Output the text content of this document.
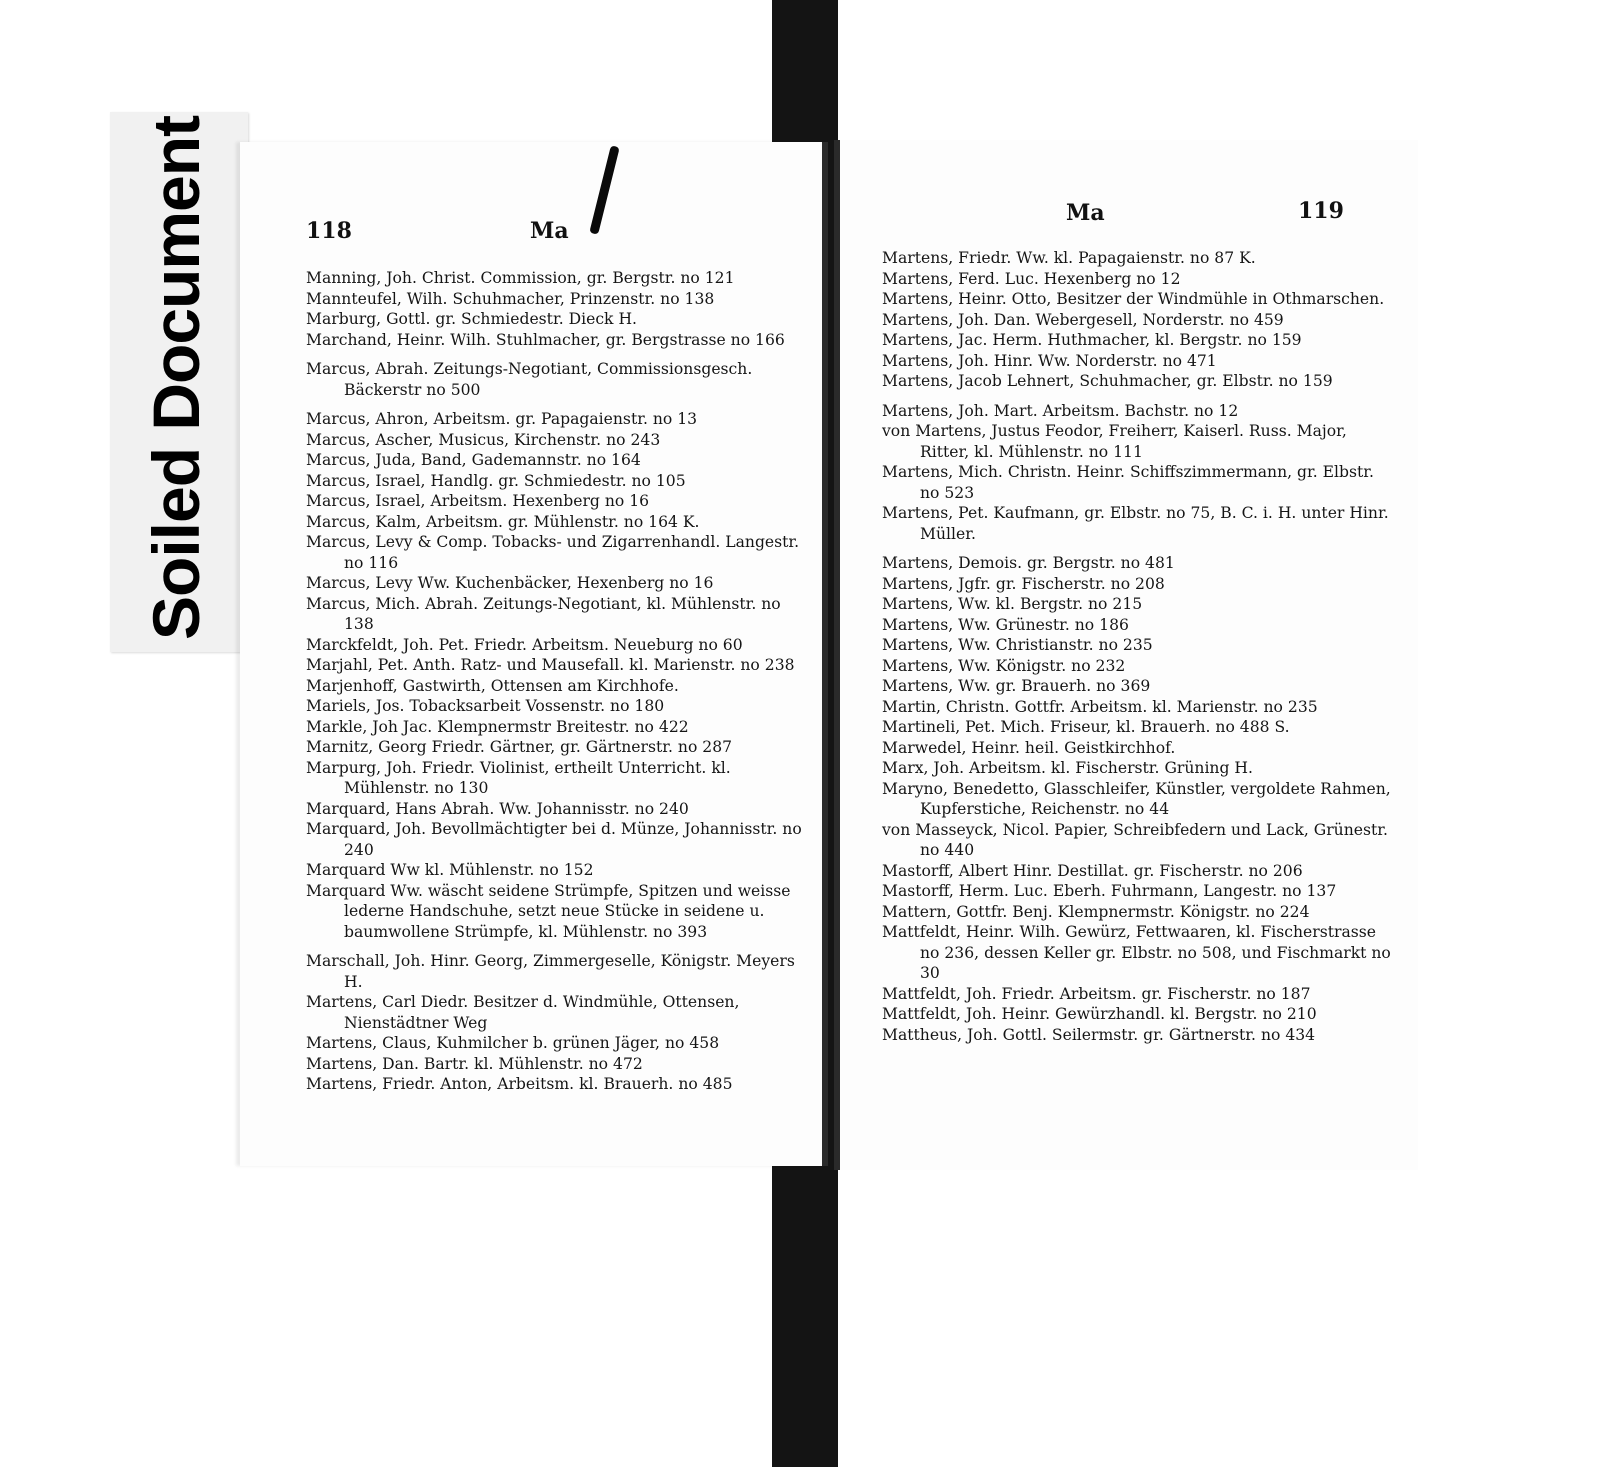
Soiled Document	118	Ma
Manning, Joh. Christ. Commission, gr. Bergstr. no 121
Mannteufel, Wilh. Schuhmacher, Prinzenstr. no 138
Marburg, Gottl. gr. Schmiedestr. Dieck H.
Marchand, Heinr. Wilh. Stuhlmacher, gr. Bergstrasse no 166
Marcus, Abrah. Zeitungs-Negotiant, Commissionsgesch. Bäckerstr no 500
Marcus, Ahron, Arbeitsm. gr. Papagaienstr. no 13
Marcus, Ascher, Musicus, Kirchenstr. no 243
Marcus, Juda, Band, Gademannstr. no 164
Marcus, Israel, Handlg. gr. Schmiedestr. no 105
Marcus, Israel, Arbeitsm. Hexenberg no 16
Marcus, Kalm, Arbeitsm. gr. Mühlenstr. no 164 K.
Marcus, Levy & Comp. Tobacks- und Zigarrenhandl. Langestr. no 116
Marcus, Levy Ww. Kuchenbäcker, Hexenberg no 16
Marcus, Mich. Abrah. Zeitungs-Negotiant, kl. Mühlenstr. no 138
Marckfeldt, Joh. Pet. Friedr. Arbeitsm. Neueburg no 60
Marjahl, Pet. Anth. Ratz- und Mausefall. kl. Marienstr. no 238
Marjenhoff, Gastwirth, Ottensen am Kirchhofe.
Mariels, Jos. Tobacksarbeit Vossenstr. no 180
Markle, Joh Jac. Klempnermstr Breitestr. no 422
Marnitz, Georg Friedr. Gärtner, gr. Gärtnerstr. no 287
Marpurg, Joh. Friedr. Violinist, ertheilt Unterricht. kl. Mühlenstr. no 130
Marquard, Hans Abrah. Ww. Johannisstr. no 240
Marquard, Joh. Bevollmächtigter bei d. Münze, Johannisstr. no 240
Marquard Ww kl. Mühlenstr. no 152
Marquard Ww. wäscht seidene Strümpfe, Spitzen und weisse lederne Handschuhe, setzt neue Stücke in seidene u. baumwollene Strümpfe, kl. Mühlenstr. no 393
Marschall, Joh. Hinr. Georg, Zimmergeselle, Königstr. Meyers H.
Martens, Carl Diedr. Besitzer d. Windmühle, Ottensen, Nienstädtner Weg
Martens, Claus, Kuhmilcher b. grünen Jäger, no 458
Martens, Dan. Bartr. kl. Mühlenstr. no 472
Martens, Friedr. Anton, Arbeitsm. kl. Brauerh. no 485
Ma	119
Martens, Friedr. Ww. kl. Papagaienstr. no 87 K.
Martens, Ferd. Luc. Hexenberg no 12
Martens, Heinr. Otto, Besitzer der Windmühle in Othmarschen.
Martens, Joh. Dan. Webergesell, Norderstr. no 459
Martens, Jac. Herm. Huthmacher, kl. Bergstr. no 159
Martens, Joh. Hinr. Ww. Norderstr. no 471
Martens, Jacob Lehnert, Schuhmacher, gr. Elbstr. no 159
Martens, Joh. Mart. Arbeitsm. Bachstr. no 12
von Martens, Justus Feodor, Freiherr, Kaiserl. Russ. Major, Ritter, kl. Mühlenstr. no 111
Martens, Mich. Christn. Heinr. Schiffszimmermann, gr. Elbstr. no 523
Martens, Pet. Kaufmann, gr. Elbstr. no 75, B. C. i. H. unter Hinr. Müller.
Martens, Demois. gr. Bergstr. no 481
Martens, Jgfr. gr. Fischerstr. no 208
Martens, Ww. kl. Bergstr. no 215
Martens, Ww. Grünestr. no 186
Martens, Ww. Christianstr. no 235
Martens, Ww. Königstr. no 232
Martens, Ww. gr. Brauerh. no 369
Martin, Christn. Gottfr. Arbeitsm. kl. Marienstr. no 235
Martineli, Pet. Mich. Friseur, kl. Brauerh. no 488 S.
Marwedel, Heinr. heil. Geistkirchhof.
Marx, Joh. Arbeitsm. kl. Fischerstr. Grüning H.
Maryno, Benedetto, Glasschleifer, Künstler, vergoldete Rahmen, Kupferstiche, Reichenstr. no 44
von Masseyck, Nicol. Papier, Schreibfedern und Lack, Grünestr. no 440
Mastorff, Albert Hinr. Destillat. gr. Fischerstr. no 206
Mastorff, Herm. Luc. Eberh. Fuhrmann, Langestr. no 137
Mattern, Gottfr. Benj. Klempnermstr. Königstr. no 224
Mattfeldt, Heinr. Wilh. Gewürz, Fettwaaren, kl. Fischerstrasse no 236, dessen Keller gr. Elbstr. no 508, und Fischmarkt no 30
Mattfeldt, Joh. Friedr. Arbeitsm. gr. Fischerstr. no 187
Mattfeldt, Joh. Heinr. Gewürzhandl. kl. Bergstr. no 210
Mattheus, Joh. Gottl. Seilermstr. gr. Gärtnerstr. no 434
